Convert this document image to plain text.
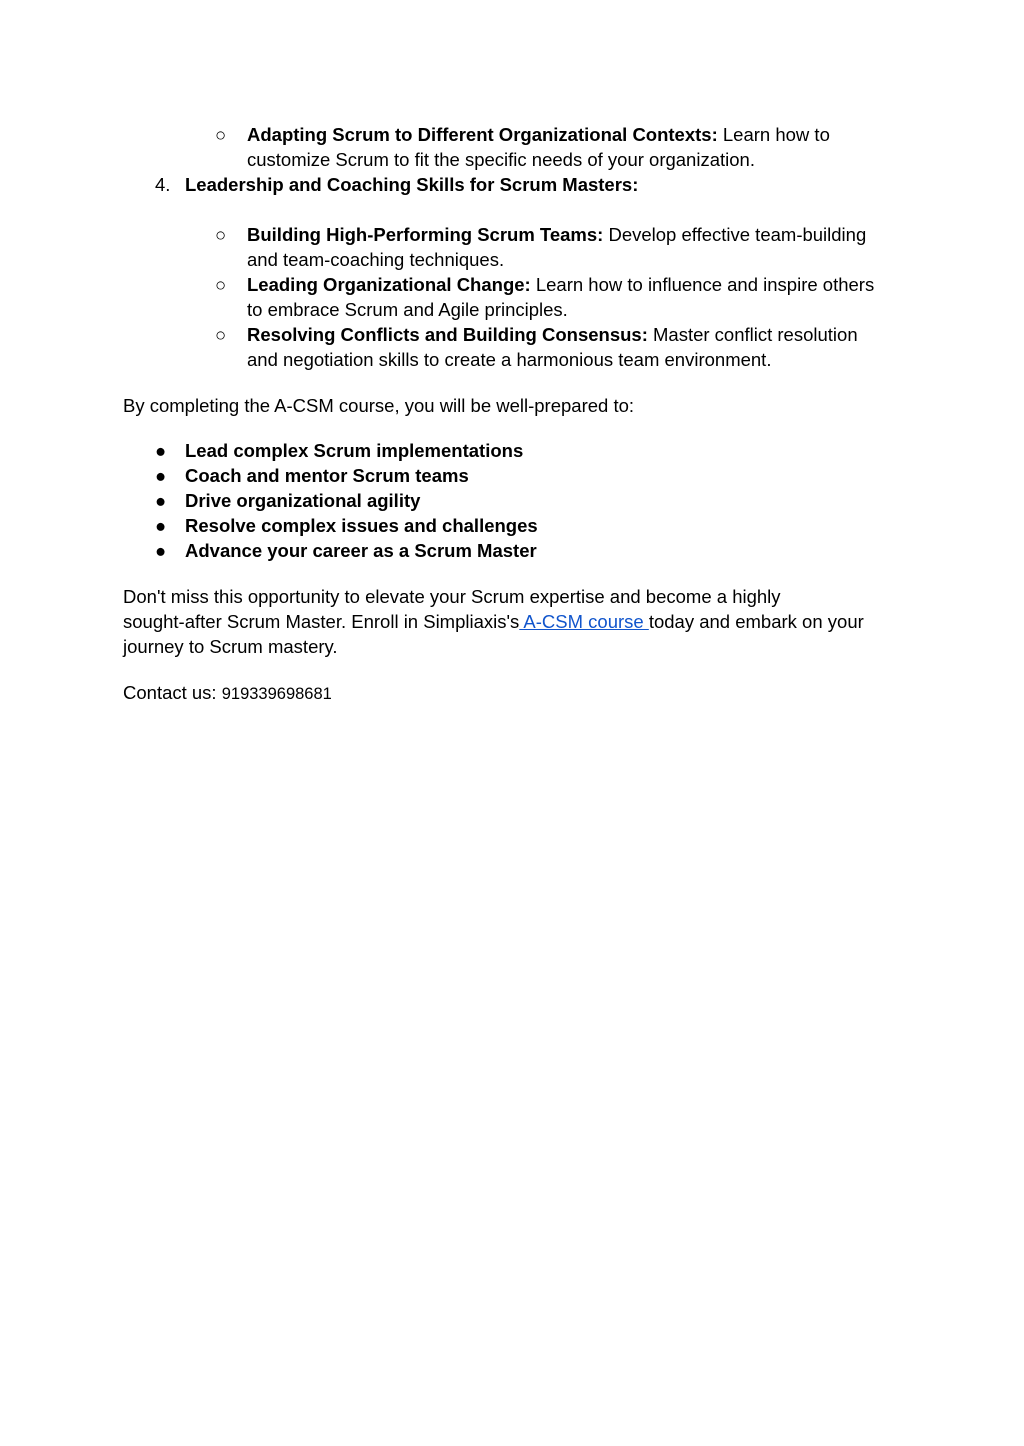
○ Adapting Scrum to Different Organizational Contexts: Learn how to
customize Scrum to fit the specific needs of your organization.
4. Leadership and Coaching Skills for Scrum Masters:
○ Building High-Performing Scrum Teams: Develop effective team-building
and team-coaching techniques.
○ Leading Organizational Change: Learn how to influence and inspire others
to embrace Scrum and Agile principles.
○ Resolving Conflicts and Building Consensus: Master conflict resolution
and negotiation skills to create a harmonious team environment.
By completing the A-CSM course, you will be well-prepared to:
● Lead complex Scrum implementations
● Coach and mentor Scrum teams
● Drive organizational agility
● Resolve complex issues and challenges
● Advance your career as a Scrum Master
Don't miss this opportunity to elevate your Scrum expertise and become a highly
sought-after Scrum Master. Enroll in Simpliaxis's A-CSM course today and embark on your
journey to Scrum mastery.
Contact us: 919339698681
